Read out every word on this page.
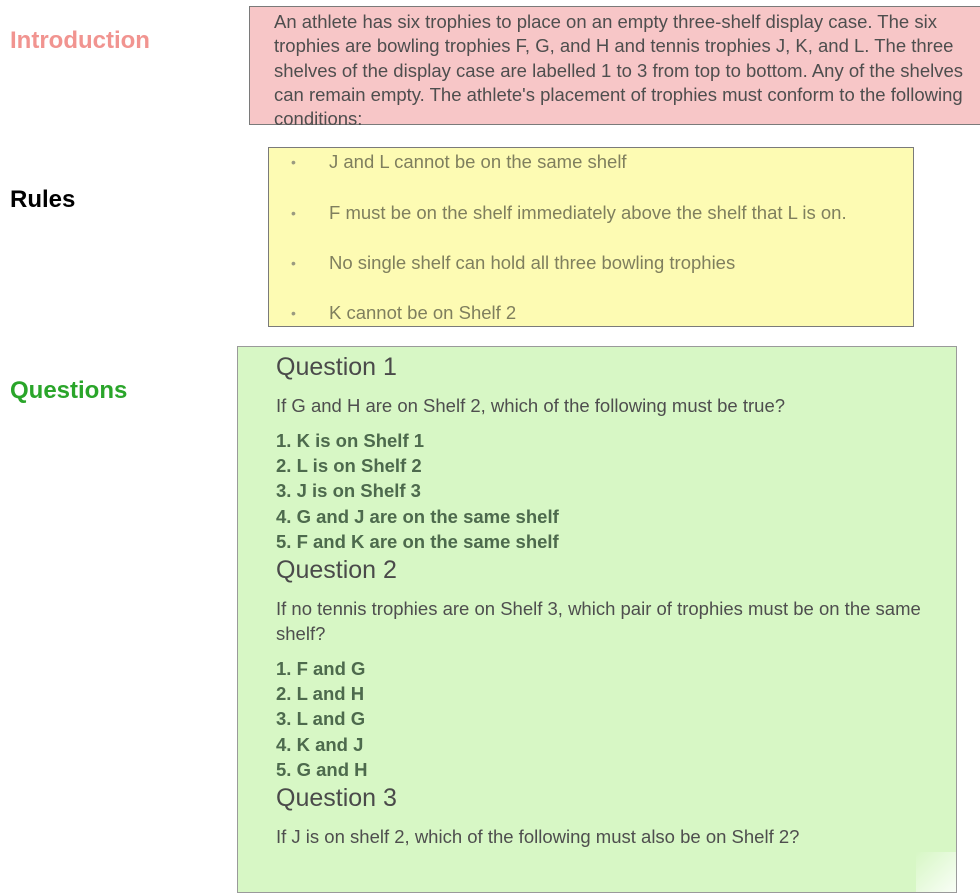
Introduction
Rules
Questions

An athlete has six trophies to place on an empty three-shelf display case. The six trophies are bowling trophies F, G, and H and tennis trophies J, K, and L. The three shelves of the display case are labelled 1 to 3 from top to bottom. Any of the shelves can remain empty. The athlete's placement of trophies must conform to the following conditions:

• J and L cannot be on the same shelf
• F must be on the shelf immediately above the shelf that L is on.
• No single shelf can hold all three bowling trophies
• K cannot be on Shelf 2
Question 1

If G and H are on Shelf 2, which of the following must be true?

1. K is on Shelf 1
2. L is on Shelf 2
3. J is on Shelf 3
4. G and J are on the same shelf
5. F and K are on the same shelf
Question 2

If no tennis trophies are on Shelf 3, which pair of trophies must be on the same shelf?

1. F and G
2. L and H
3. L and G
4. K and J
5. G and H
Question 3

If J is on shelf 2, which of the following must also be on Shelf 2?
